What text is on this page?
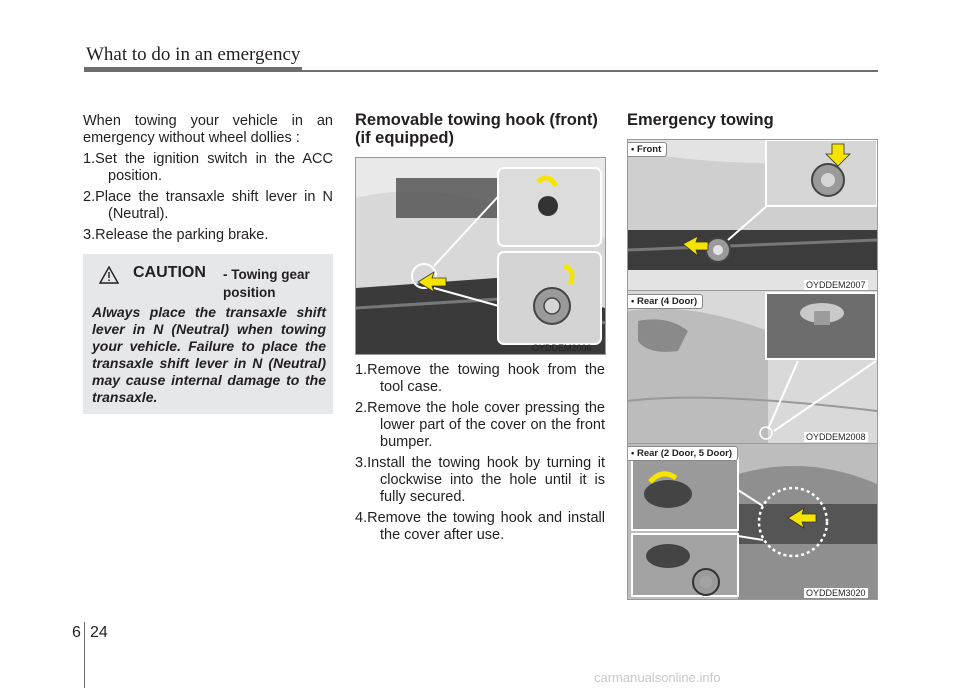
What to do in an emergency

When towing your vehicle in an emergency without wheel dollies :

1.Set the ignition switch in the ACC position.

2.Place the transaxle shift lever in N (Neutral).

3.Release the parking brake.

CAUTION - Towing gear position

Always place the transaxle shift lever in N (Neutral) when towing your vehicle. Failure to place the transaxle shift lever in N (Neutral) may cause internal damage to the transaxle.

Removable towing hook (front) (if equipped)
OYDDEM2006

1.Remove the towing hook from the tool case.

2.Remove the hole cover pressing the lower part of the cover on the front bumper.

3.Install the towing hook by turning it clockwise into the hole until it is fully secured.

4.Remove the towing hook and install the cover after use.

Emergency towing
• Front
OYDDEM2007
• Rear (4 Door)
OYDDEM2008
• Rear (2 Door, 5 Door)
OYDDEM3020
6 24
carmanualsonline.info
